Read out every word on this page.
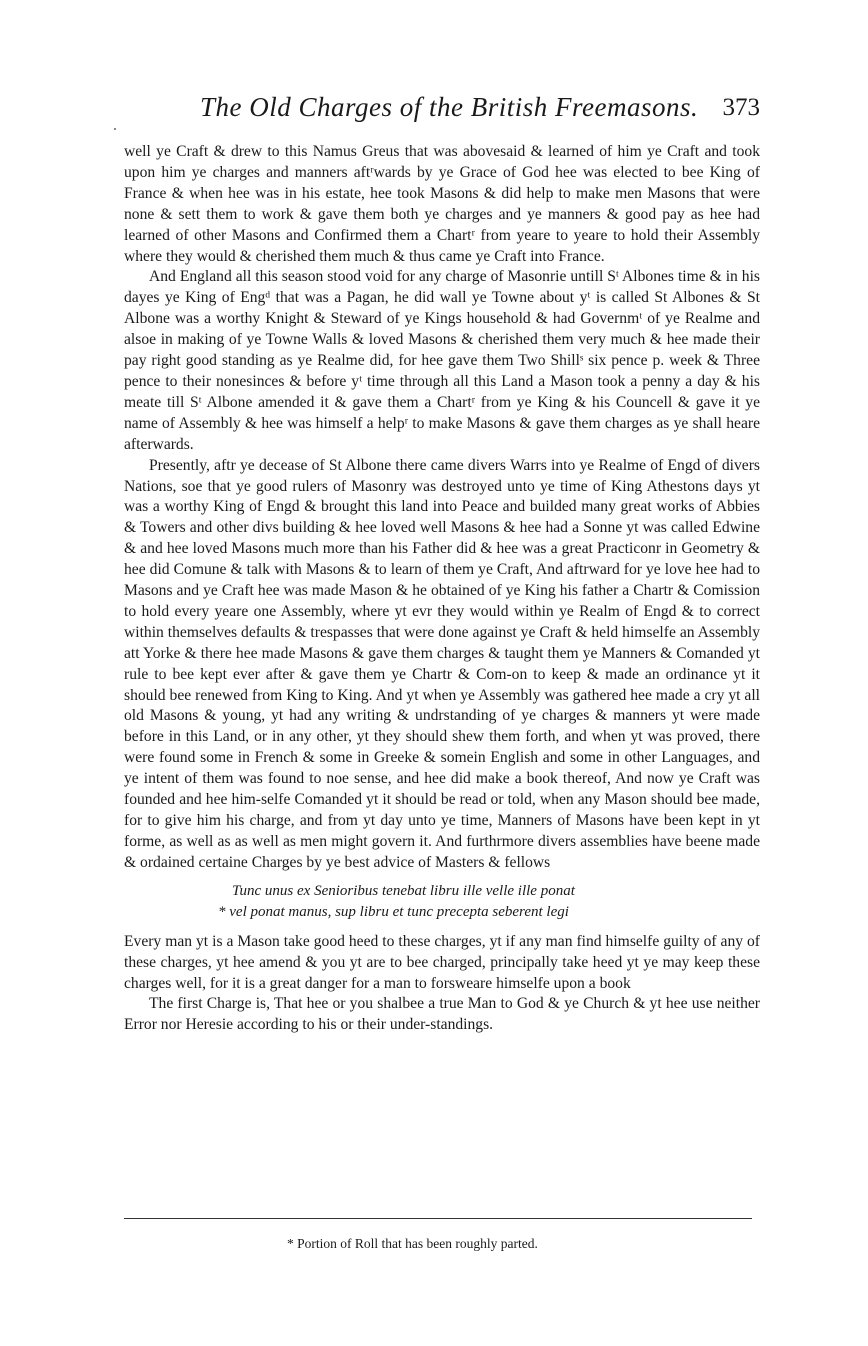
The Old Charges of the British Freemasons. 373

well ye Craft & drew to this Namus Greus that was abovesaid & learned of him ye Craft and took upon him ye charges and manners aftʳwards by ye Grace of God hee was elected to bee King of France & when hee was in his estate, hee took Masons & did help to make men Masons that were none & sett them to work & gave them both ye charges and ye manners & good pay as hee had learned of other Masons and Confirmed them a Chartʳ from yeare to yeare to hold their Assembly where they would & cherished them much & thus came ye Craft into France.

And England all this season stood void for any charge of Masonrie untill Sᵗ Albones time & in his dayes ye King of Engᵈ that was a Pagan, he did wall ye Towne about yᵗ is called St Albones & St Albone was a worthy Knight & Steward of ye Kings household & had Governmᵗ of ye Realme and alsoe in making of ye Towne Walls & loved Masons & cherished them very much & hee made their pay right good standing as ye Realme did, for hee gave them Two Shillˢ six pence p. week & Three pence to their nonesinces & before yᵗ time through all this Land a Mason took a penny a day & his meate till Sᵗ Albone amended it & gave them a Chartʳ from ye King & his Councell & gave it ye name of Assembly & hee was himself a helpʳ to make Masons & gave them charges as ye shall heare afterwards.

Presently, aftr ye decease of St Albone there came divers Warrs into ye Realme of Engd of divers Nations, soe that ye good rulers of Masonry was destroyed unto ye time of King Athestons days yt was a worthy King of Engd & brought this land into Peace and builded many great works of Abbies & Towers and other divs building & hee loved well Masons & hee had a Sonne yt was called Edwine & and hee loved Masons much more than his Father did & hee was a great Practiconr in Geometry & hee did Comune & talk with Masons & to learn of them ye Craft, And aftrward for ye love hee had to Masons and ye Craft hee was made Mason & he obtained of ye King his father a Chartr & Comission to hold every yeare one Assembly, where yt evr they would within ye Realm of Engd & to correct within themselves defaults & trespasses that were done against ye Craft & held himselfe an Assembly att Yorke & there hee made Masons & gave them charges & taught them ye Manners & Comanded yt rule to bee kept ever after & gave them ye Chartr & Com-on to keep & made an ordinance yt it should bee renewed from King to King. And yt when ye Assembly was gathered hee made a cry yt all old Masons & young, yt had any writing & undrstanding of ye charges & manners yt were made before in this Land, or in any other, yt they should shew them forth, and when yt was proved, there were found some in French & some in Greeke & somein English and some in other Languages, and ye intent of them was found to noe sense, and hee did make a book thereof, And now ye Craft was founded and hee him-selfe Comanded yt it should be read or told, when any Mason should bee made, for to give him his charge, and from yt day unto ye time, Manners of Masons have been kept in yt forme, as well as as well as men might govern it. And furthrmore divers assemblies have beene made & ordained certaine Charges by ye best advice of Masters & fellows

Tunc unus ex Senioribus tenebat libru ille velle ille ponat
* vel ponat manus, sup libru et tunc precepta seberent legi

Every man yt is a Mason take good heed to these charges, yt if any man find himselfe guilty of any of these charges, yt hee amend & you yt are to bee charged, principally take heed yt ye may keep these charges well, for it is a great danger for a man to forsweare himselfe upon a book

The first Charge is, That hee or you shalbee a true Man to God & ye Church & yt hee use neither Error nor Heresie according to his or their under-standings.

* Portion of Roll that has been roughly parted.
